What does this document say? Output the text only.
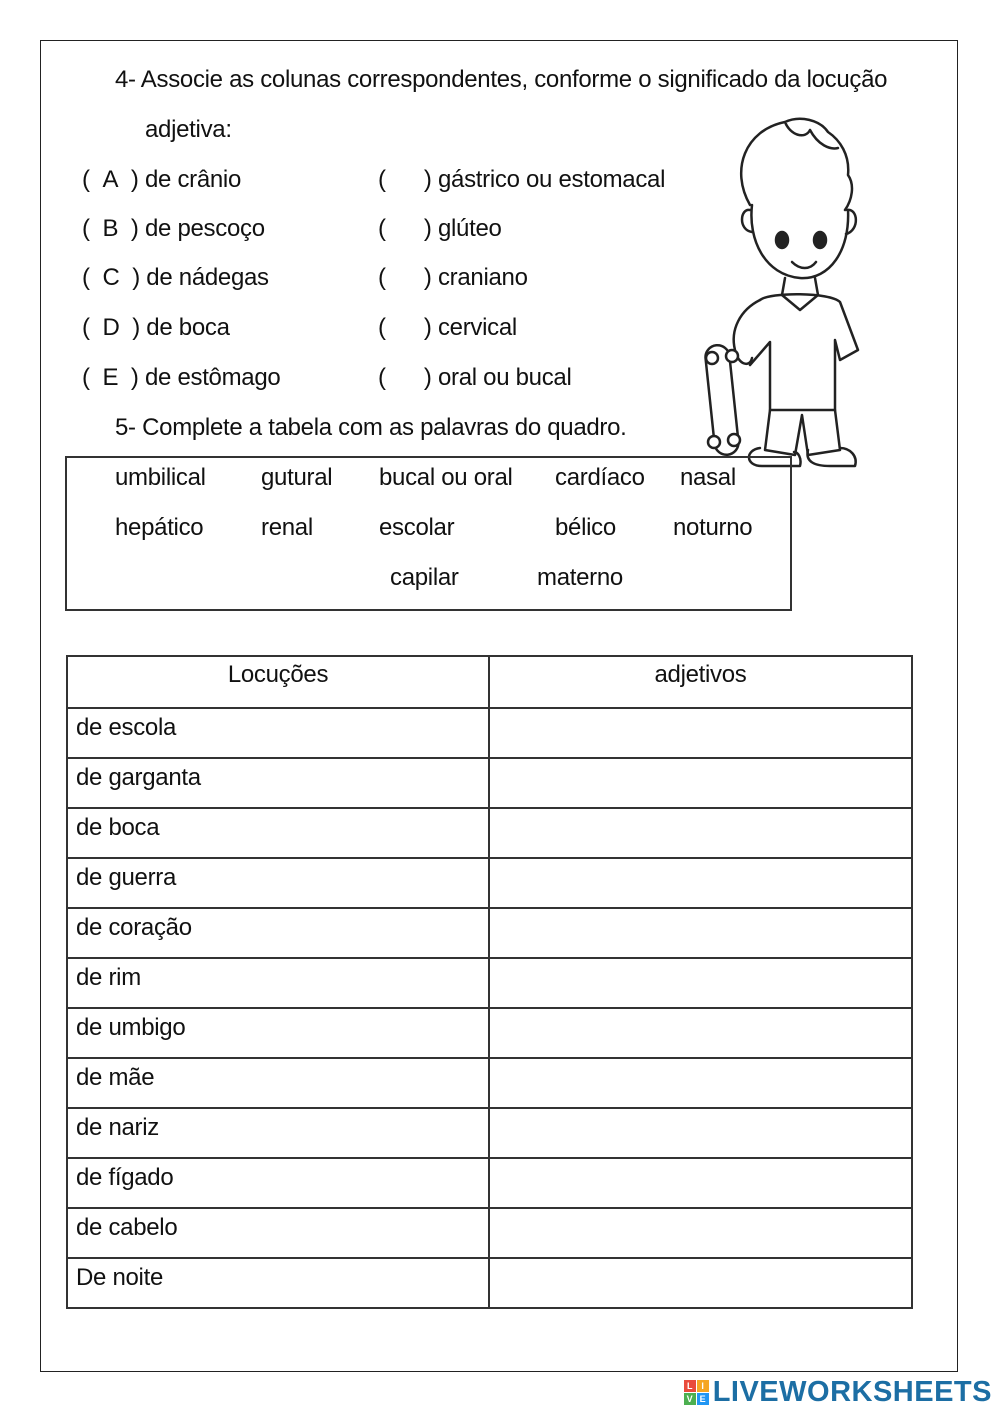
4- Associe as colunas correspondentes, conforme o significado da locução
adjetiva:
( A ) de crânio
( B ) de pescoço
( C ) de nádegas
( D ) de boca
( E ) de estômago
( ) gástrico ou estomacal
( ) glúteo
( ) craniano
( ) cervical
( ) oral ou bucal
5- Complete a tabela com as palavras do quadro.
umbilical gutural bucal ou oral cardíaco nasal
hepático renal	escolar	bélico noturno
capilar	materno
Locuções	adjetivos
de escola	
de garganta	
de boca	
de guerra	
de coração	
de rim	
de umbigo	
de mãe	
de nariz	
de fígado	
de cabelo	
De noite	
L I
V E LIVEWORKSHEETS
